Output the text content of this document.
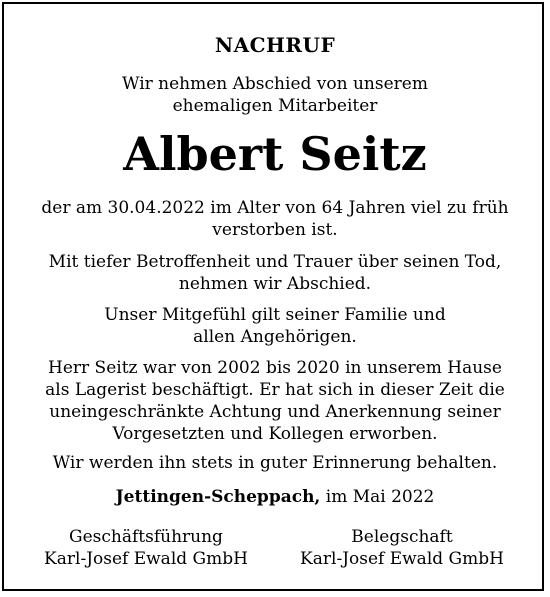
NACHRUF
Wir nehmen Abschied von unserem
ehemaligen Mitarbeiter
Albert Seitz
der am 30.04.2022 im Alter von 64 Jahren viel zu früh
verstorben ist.
Mit tiefer Betroffenheit und Trauer über seinen Tod,
nehmen wir Abschied.
Unser Mitgefühl gilt seiner Familie und
allen Angehörigen.
Herr Seitz war von 2002 bis 2020 in unserem Hause
als Lagerist beschäftigt. Er hat sich in dieser Zeit die
uneingeschränkte Achtung und Anerkennung seiner
Vorgesetzten und Kollegen erworben.
Wir werden ihn stets in guter Erinnerung behalten.
Jettingen-Scheppach, im Mai 2022
Geschäftsführung
Karl-Josef Ewald GmbH
Belegschaft
Karl-Josef Ewald GmbH
